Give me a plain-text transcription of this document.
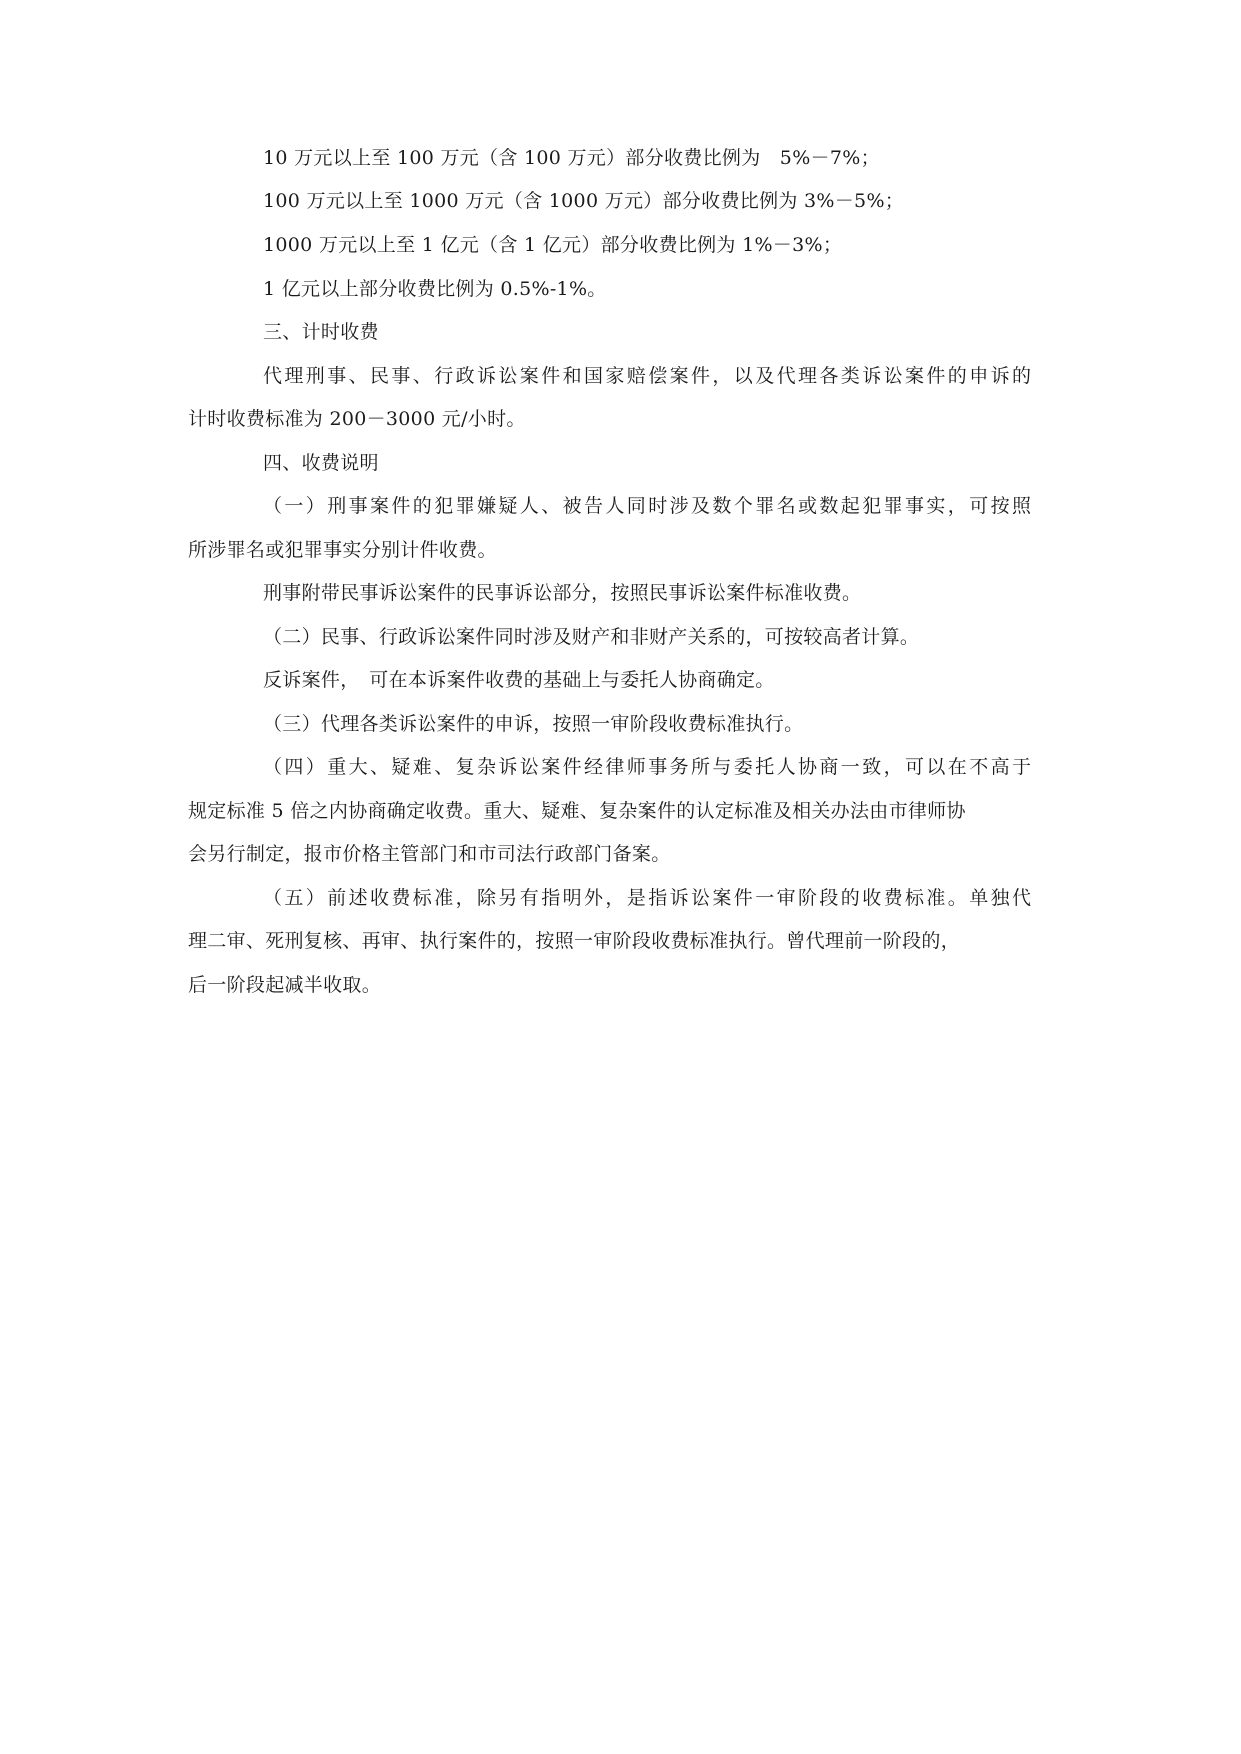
10 万元以上至 100 万元（含 100 万元）部分收费比例为　5%－7%；
100 万元以上至 1000 万元（含 1000 万元）部分收费比例为 3%－5%；
1000 万元以上至 1 亿元（含 1 亿元）部分收费比例为 1%－3%；
1 亿元以上部分收费比例为 0.5%-1%。
三、计时收费
代理刑事、民事、行政诉讼案件和国家赔偿案件，以及代理各类诉讼案件的申诉的
计时收费标准为 200－3000 元/小时。
四、收费说明
（一）刑事案件的犯罪嫌疑人、被告人同时涉及数个罪名或数起犯罪事实，可按照
所涉罪名或犯罪事实分别计件收费。
刑事附带民事诉讼案件的民事诉讼部分，按照民事诉讼案件标准收费。
（二）民事、行政诉讼案件同时涉及财产和非财产关系的，可按较高者计算。
反诉案件，　可在本诉案件收费的基础上与委托人协商确定。
（三）代理各类诉讼案件的申诉，按照一审阶段收费标准执行。
（四）重大、疑难、复杂诉讼案件经律师事务所与委托人协商一致，可以在不高于
规定标准 5 倍之内协商确定收费。重大、疑难、复杂案件的认定标准及相关办法由市律师协
会另行制定，报市价格主管部门和市司法行政部门备案。
（五）前述收费标准，除另有指明外，是指诉讼案件一审阶段的收费标准。单独代
理二审、死刑复核、再审、执行案件的，按照一审阶段收费标准执行。曾代理前一阶段的，
后一阶段起减半收取。
